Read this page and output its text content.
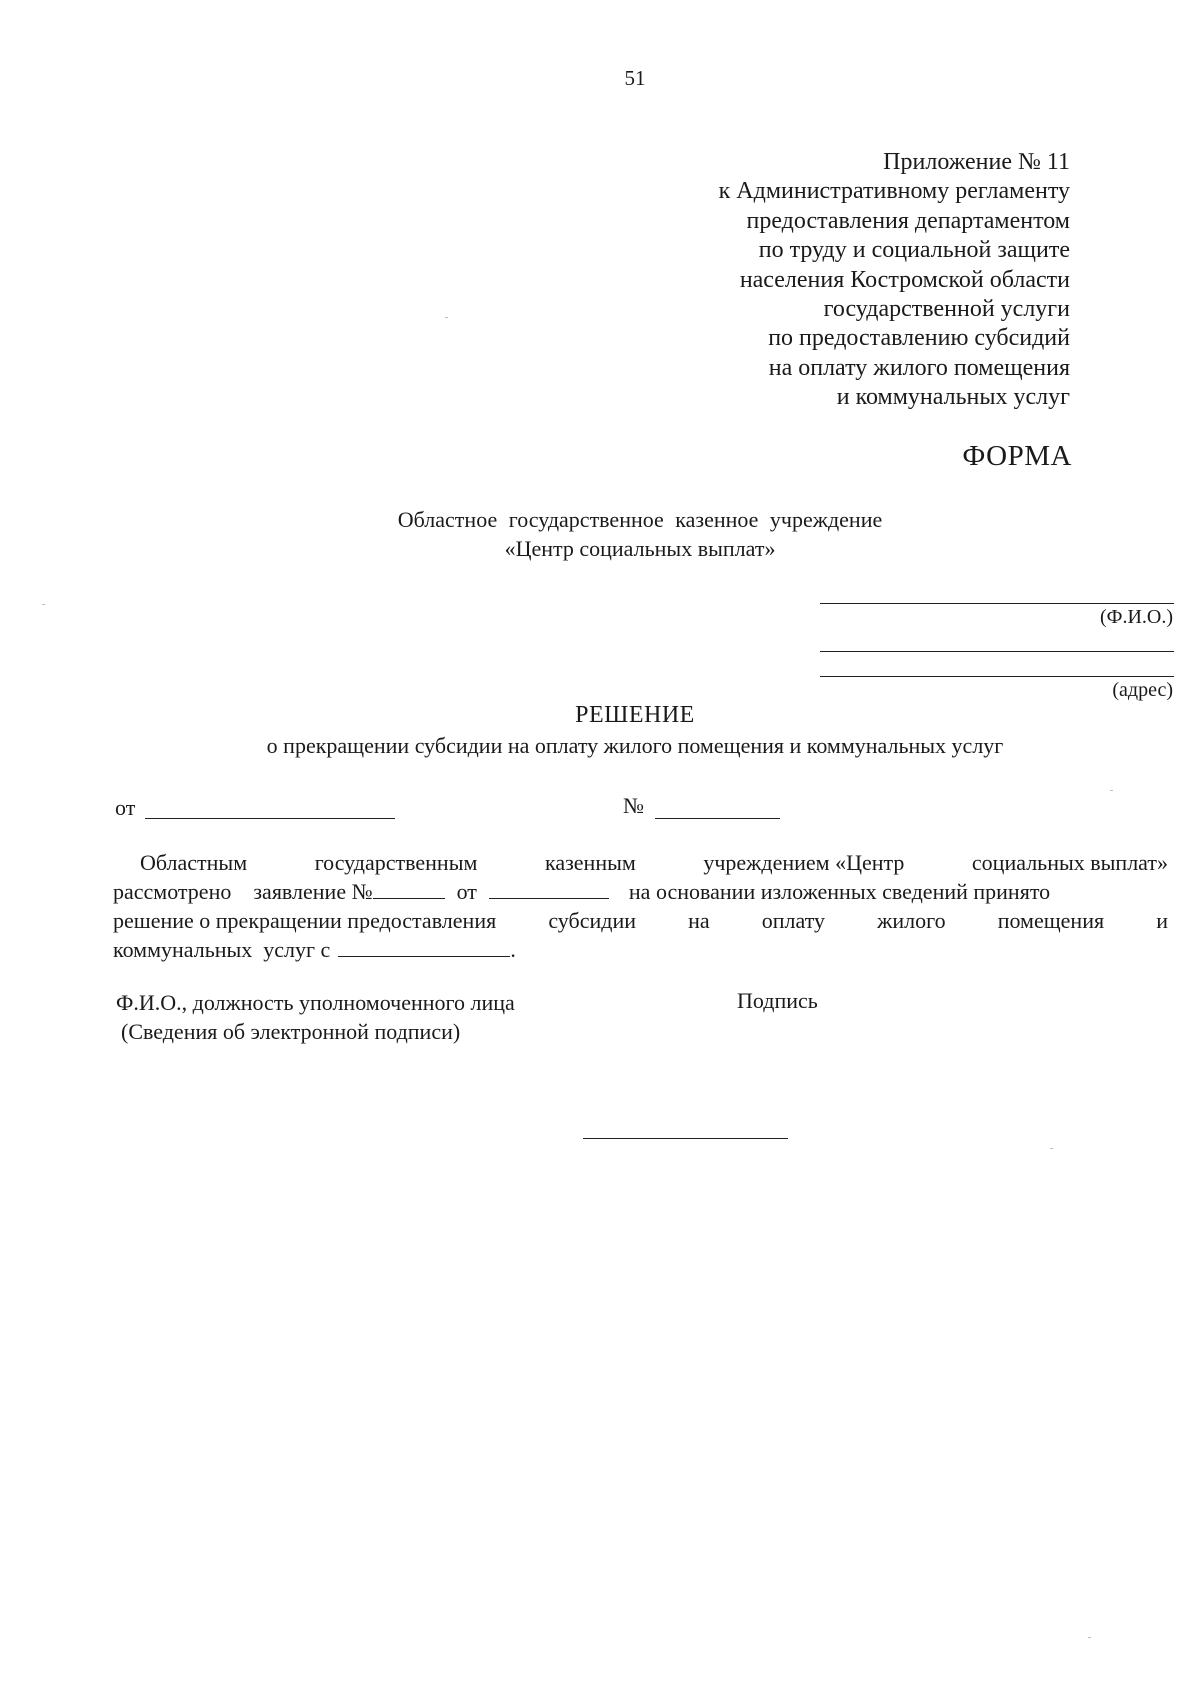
51
Приложение № 11
к Административному регламенту
предоставления департаментом
по труду и социальной защите
населения Костромской области
государственной услуги
по предоставлению субсидий
на оплату жилого помещения
и коммунальных услуг
ФОРМА
Областное государственное казенное учреждение
«Центр социальных выплат»
(Ф.И.О.)
(адрес)
РЕШЕНИЕ
о прекращении субсидии на оплату жилого помещения и коммунальных услуг
от	№
Областным	государственным	казенным	учреждением «Центр	социальных выплат»
рассмотрено заявление №	от	на основании изложенных сведений принято
решение о прекращении предоставления субсидии на оплату жилого помещения и
коммунальных  услуг с	.
Ф.И.О., должность уполномоченного лица
(Сведения об электронной подписи)
Подпись
